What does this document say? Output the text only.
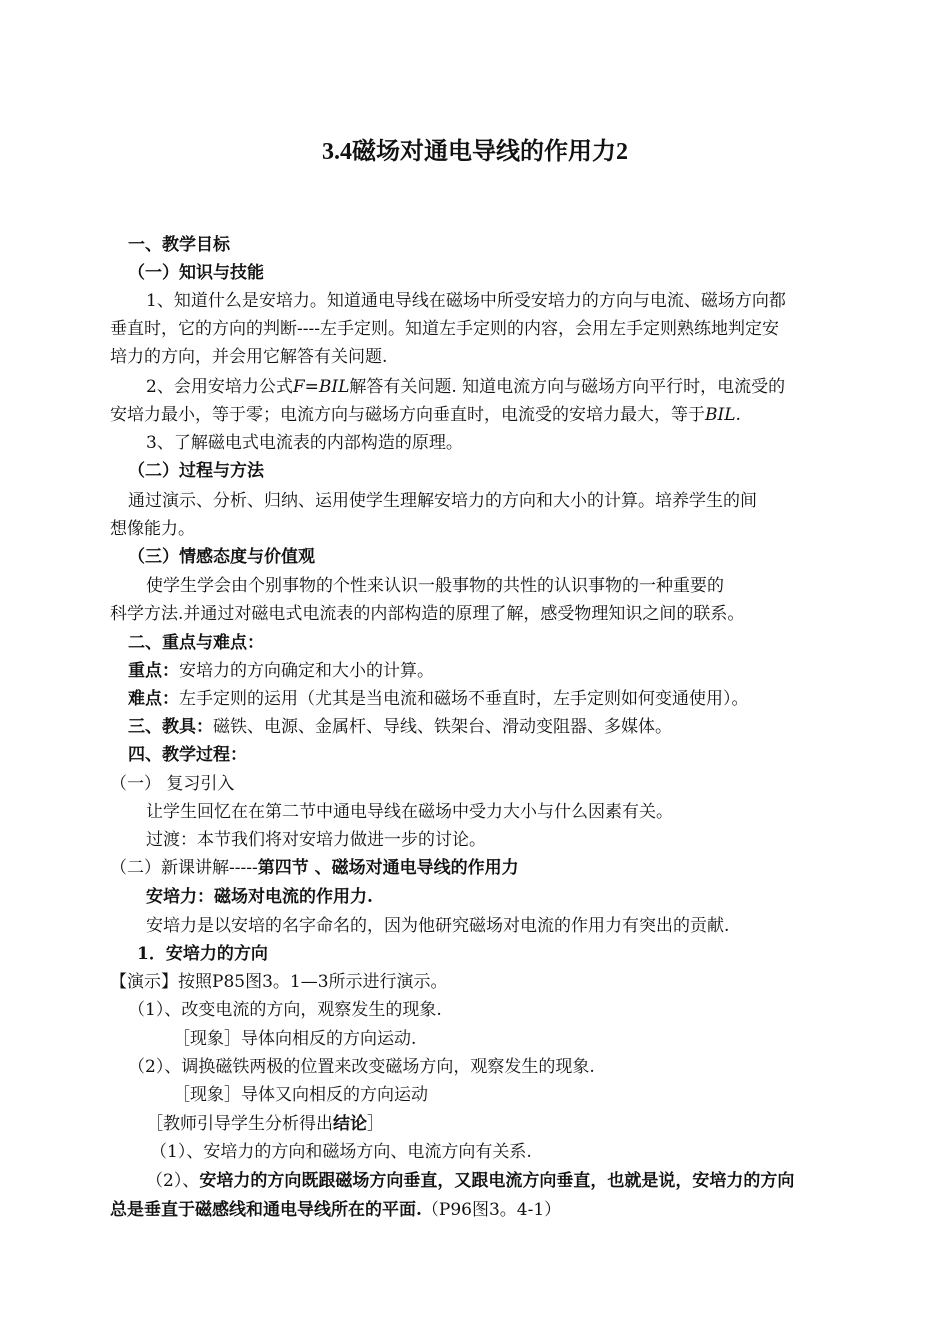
3.4磁场对通电导线的作用力2
一、教学目标
（一）知识与技能
1、知道什么是安培力。知道通电导线在磁场中所受安培力的方向与电流、磁场方向都
垂直时，它的方向的判断----左手定则。知道左手定则的内容，会用左手定则熟练地判定安
培力的方向，并会用它解答有关问题.
2、会用安培力公式F=BIL解答有关问题. 知道电流方向与磁场方向平行时，电流受的
安培力最小，等于零；电流方向与磁场方向垂直时，电流受的安培力最大，等于BIL.
3、了解磁电式电流表的内部构造的原理。
（二）过程与方法
通过演示、分析、归纳、运用使学生理解安培力的方向和大小的计算。培养学生的间
想像能力。
（三）情感态度与价值观
使学生学会由个别事物的个性来认识一般事物的共性的认识事物的一种重要的
科学方法.并通过对磁电式电流表的内部构造的原理了解，感受物理知识之间的联系。
二、重点与难点：
重点：安培力的方向确定和大小的计算。
难点：左手定则的运用（尤其是当电流和磁场不垂直时，左手定则如何变通使用）。
三、教具：磁铁、电源、金属杆、导线、铁架台、滑动变阻器、多媒体。
四、教学过程：
（一） 复习引入
让学生回忆在在第二节中通电导线在磁场中受力大小与什么因素有关。
过渡：本节我们将对安培力做进一步的讨论。
（二）新课讲解-----第四节 、磁场对通电导线的作用力
安培力：磁场对电流的作用力.
安培力是以安培的名字命名的，因为他研究磁场对电流的作用力有突出的贡献.
1．安培力的方向
【演示】按照P85图3。1—3所示进行演示。
（1）、改变电流的方向，观察发生的现象.
［现象］导体向相反的方向运动.
（2）、调换磁铁两极的位置来改变磁场方向，观察发生的现象.
［现象］导体又向相反的方向运动
［教师引导学生分析得出结论］
（1）、安培力的方向和磁场方向、电流方向有关系.
（2）、安培力的方向既跟磁场方向垂直，又跟电流方向垂直，也就是说，安培力的方向
总是垂直于磁感线和通电导线所在的平面.（P96图3。4-1）
